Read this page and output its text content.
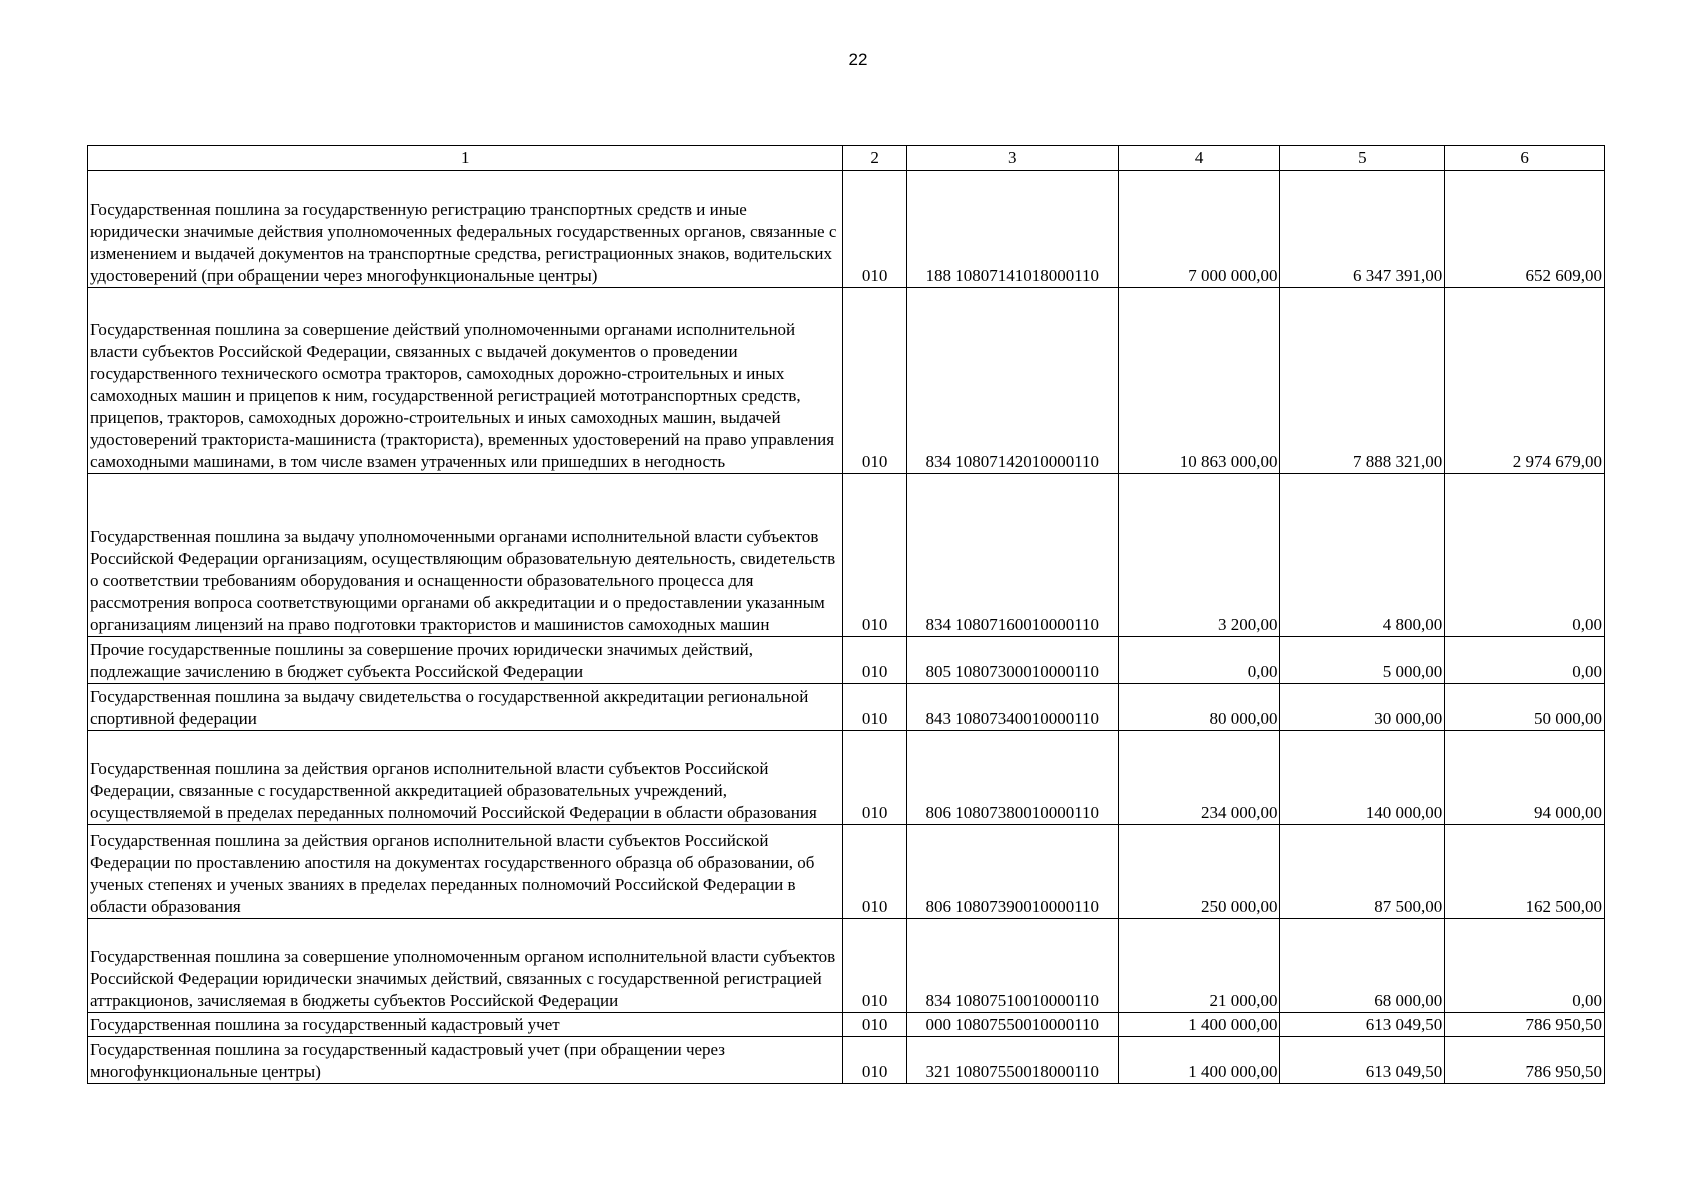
22
1	2	3	4	5	6

Государственная пошлина за государственную регистрацию транспортных средств и иные юридически значимые действия уполномоченных федеральных государственных органов, связанные с изменением и выдачей документов на транспортные средства, регистрационных знаков, водительских удостоверений (при обращении через многофункциональные центры)	010	188 10807141018000110	7 000 000,00	6 347 391,00	652 609,00

Государственная пошлина за совершение действий уполномоченными органами исполнительной власти субъектов Российской Федерации, связанных с выдачей документов о проведении государственного технического осмотра тракторов, самоходных дорожно-строительных и иных самоходных машин и прицепов к ним, государственной регистрацией мототранспортных средств, прицепов, тракторов, самоходных дорожно-строительных и иных самоходных машин, выдачей удостоверений тракториста-машиниста (тракториста), временных удостоверений на право управления самоходными машинами, в том числе взамен утраченных или пришедших в негодность	010	834 10807142010000110	10 863 000,00	7 888 321,00	2 974 679,00

Государственная пошлина за выдачу уполномоченными органами исполнительной власти субъектов Российской Федерации организациям, осуществляющим образовательную деятельность, свидетельств о соответствии требованиям оборудования и оснащенности образовательного процесса для рассмотрения вопроса соответствующими органами об аккредитации и о предоставлении указанным организациям лицензий на право подготовки трактористов и машинистов самоходных машин	010	834 10807160010000110	3 200,00	4 800,00	0,00

Прочие государственные пошлины за совершение прочих юридически значимых действий, подлежащие зачислению в бюджет субъекта Российской Федерации	010	805 10807300010000110	0,00	5 000,00	0,00

Государственная пошлина за выдачу свидетельства о государственной аккредитации региональной спортивной федерации	010	843 10807340010000110	80 000,00	30 000,00	50 000,00

Государственная пошлина за действия органов исполнительной власти субъектов Российской Федерации, связанные с государственной аккредитацией образовательных учреждений, осуществляемой в пределах переданных полномочий Российской Федерации в области образования	010	806 10807380010000110	234 000,00	140 000,00	94 000,00

Государственная пошлина за действия органов исполнительной власти субъектов Российской Федерации по проставлению апостиля на документах государственного образца об образовании, об ученых степенях и ученых званиях в пределах переданных полномочий Российской Федерации в области образования	010	806 10807390010000110	250 000,00	87 500,00	162 500,00

Государственная пошлина за совершение уполномоченным органом исполнительной власти субъектов Российской Федерации юридически значимых действий, связанных с государственной регистрацией аттракционов, зачисляемая в бюджеты субъектов Российской Федерации	010	834 10807510010000110	21 000,00	68 000,00	0,00

Государственная пошлина за государственный кадастровый учет	010	000 10807550010000110	1 400 000,00	613 049,50	786 950,50

Государственная пошлина за государственный кадастровый учет (при обращении через многофункциональные центры)	010	321 10807550018000110	1 400 000,00	613 049,50	786 950,50
